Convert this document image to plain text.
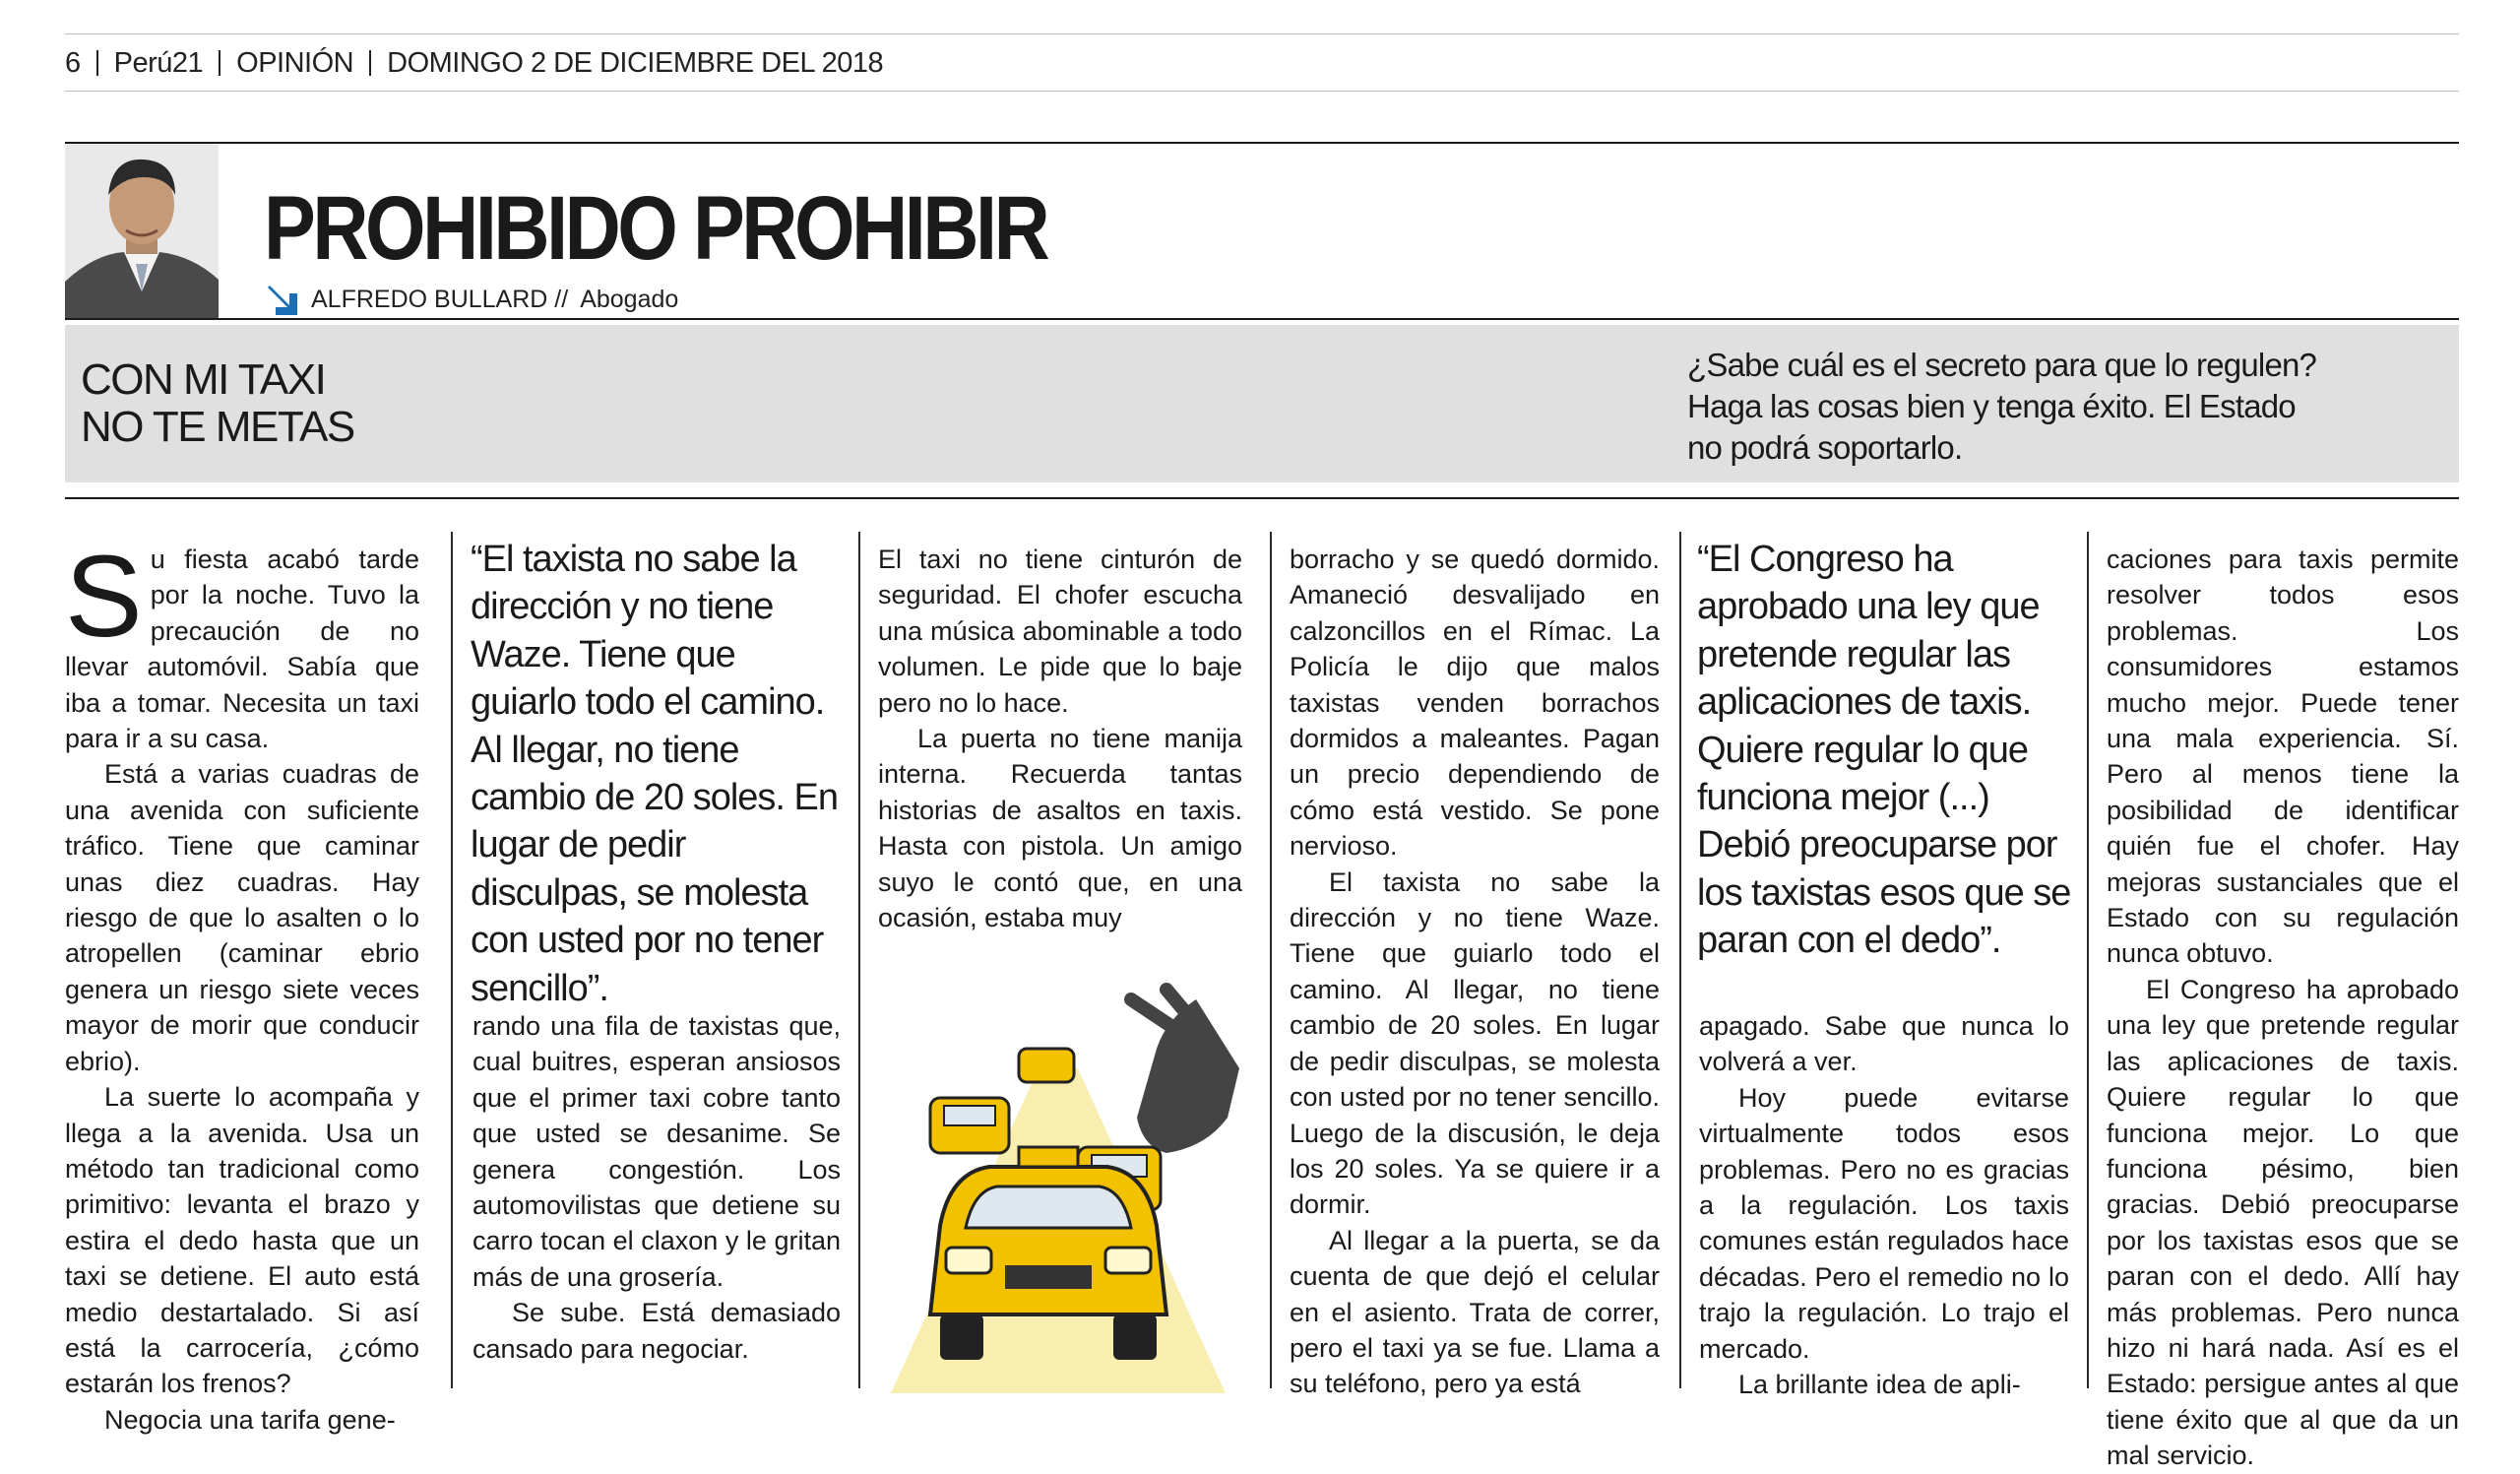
6 Perú21 OPINIÓN DOMINGO 2 DE DICIEMBRE DEL 2018
PROHIBIDO PROHIBIR
ALFREDO BULLARD // Abogado
CON MI TAXI
NO TE METAS
¿Sabe cuál es el secreto para que lo regulen?
Haga las cosas bien y tenga éxito. El Estado
no podrá soportarlo.

Su fiesta acabó tarde por la noche. Tuvo la precaución de no llevar automóvil. Sabía que iba a tomar. Necesita un taxi para ir a su casa.

Está a varias cuadras de una avenida con suficiente tráfico. Tiene que caminar unas diez cuadras. Hay riesgo de que lo asalten o lo atropellen (caminar ebrio genera un riesgo siete veces mayor de morir que conducir ebrio).

La suerte lo acompaña y llega a la avenida. Usa un método tan tradicional como primitivo: levanta el brazo y estira el dedo hasta que un taxi se detiene. El auto está medio destartalado. Si así está la carrocería, ¿cómo estarán los frenos?

Negocia una tarifa gene-

“El taxista no sabe la dirección y no tiene Waze. Tiene que guiarlo todo el camino. Al llegar, no tiene cambio de 20 soles. En lugar de pedir disculpas, se molesta con usted por no tener sencillo”.

rando una fila de taxistas que, cual buitres, esperan ansiosos que el primer taxi cobre tanto que usted se desanime. Se genera congestión. Los automovilistas que detiene su carro tocan el claxon y le gritan más de una grosería.

Se sube. Está demasiado cansado para negociar.

El taxi no tiene cinturón de seguridad. El chofer escucha una música abominable a todo volumen. Le pide que lo baje pero no lo hace.

La puerta no tiene manija interna. Recuerda tantas historias de asaltos en taxis. Hasta con pistola. Un amigo suyo le contó que, en una ocasión, estaba muy

borracho y se quedó dormido. Amaneció desvalijado en calzoncillos en el Rímac. La Policía le dijo que malos taxistas venden borrachos dormidos a maleantes. Pagan un precio dependiendo de cómo está vestido. Se pone nervioso.

El taxista no sabe la dirección y no tiene Waze. Tiene que guiarlo todo el camino. Al llegar, no tiene cambio de 20 soles. En lugar de pedir disculpas, se molesta con usted por no tener sencillo. Luego de la discusión, le deja los 20 soles. Ya se quiere ir a dormir.

Al llegar a la puerta, se da cuenta de que dejó el celular en el asiento. Trata de correr, pero el taxi ya se fue. Llama a su teléfono, pero ya está

“El Congreso ha aprobado una ley que pretende regular las aplicaciones de taxis. Quiere regular lo que funciona mejor (...) Debió preocuparse por los taxistas esos que se paran con el dedo”.

apagado. Sabe que nunca lo volverá a ver.

Hoy puede evitarse virtualmente todos esos problemas. Pero no es gracias a la regulación. Los taxis comunes están regulados hace décadas. Pero el remedio no lo trajo la regulación. Lo trajo el mercado.

La brillante idea de apli-

caciones para taxis permite resolver todos esos problemas. Los consumidores estamos mucho mejor. Puede tener una mala experiencia. Sí. Pero al menos tiene la posibilidad de identificar quién fue el chofer. Hay mejoras sustanciales que el Estado con su regulación nunca obtuvo.

El Congreso ha aprobado una ley que pretende regular las aplicaciones de taxis. Quiere regular lo que funciona mejor. Lo que funciona pésimo, bien gracias. Debió preocuparse por los taxistas esos que se paran con el dedo. Allí hay más problemas. Pero nunca hizo ni hará nada. Así es el Estado: persigue antes al que tiene éxito que al que da un mal servicio.
